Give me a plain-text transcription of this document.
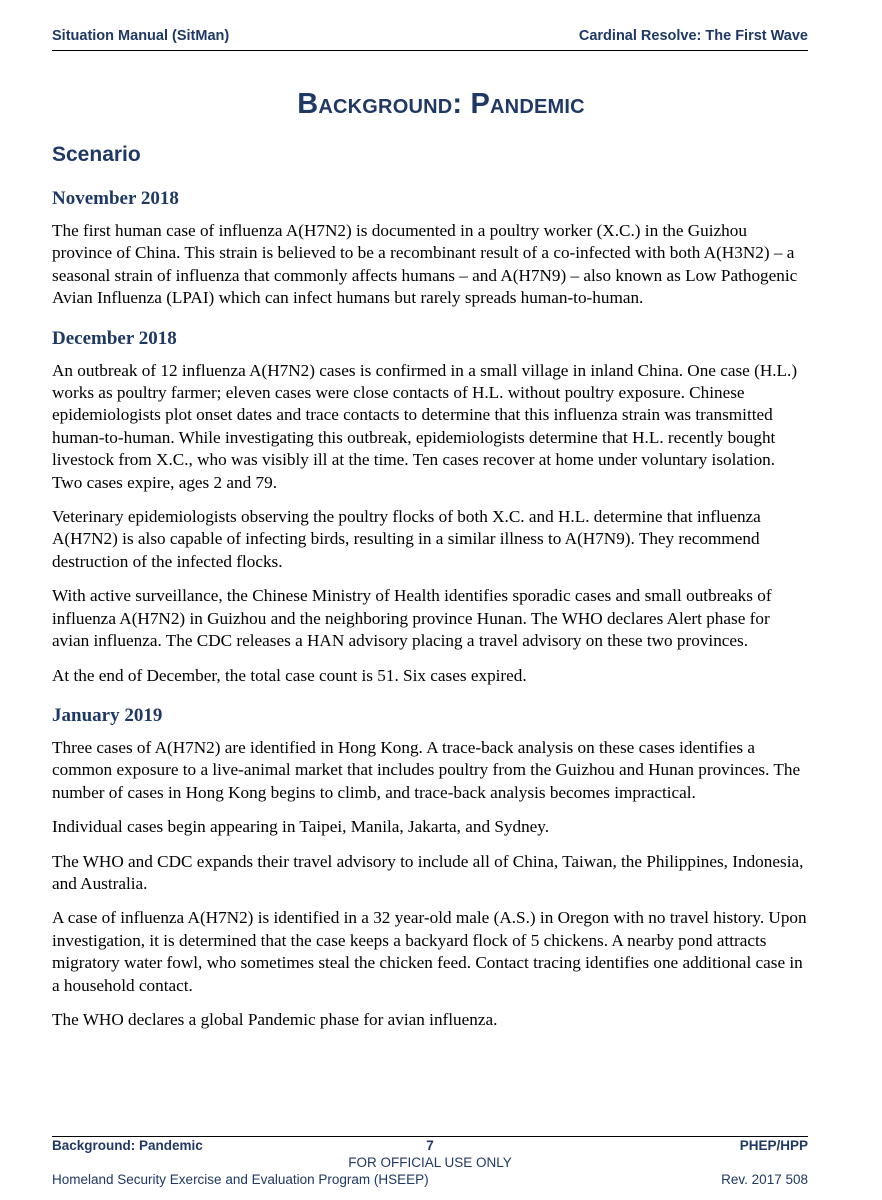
Situation Manual (SitMan)	Cardinal Resolve: The First Wave
Background: Pandemic
Scenario
November 2018

The first human case of influenza A(H7N2) is documented in a poultry worker (X.C.) in the Guizhou province of China. This strain is believed to be a recombinant result of a co-infected with both A(H3N2) – a seasonal strain of influenza that commonly affects humans – and A(H7N9) – also known as Low Pathogenic Avian Influenza (LPAI) which can infect humans but rarely spreads human-to-human.

December 2018

An outbreak of 12 influenza A(H7N2) cases is confirmed in a small village in inland China. One case (H.L.) works as poultry farmer; eleven cases were close contacts of H.L. without poultry exposure. Chinese epidemiologists plot onset dates and trace contacts to determine that this influenza strain was transmitted human-to-human. While investigating this outbreak, epidemiologists determine that H.L. recently bought livestock from X.C., who was visibly ill at the time. Ten cases recover at home under voluntary isolation. Two cases expire, ages 2 and 79.

Veterinary epidemiologists observing the poultry flocks of both X.C. and H.L. determine that influenza A(H7N2) is also capable of infecting birds, resulting in a similar illness to A(H7N9). They recommend destruction of the infected flocks.

With active surveillance, the Chinese Ministry of Health identifies sporadic cases and small outbreaks of influenza A(H7N2) in Guizhou and the neighboring province Hunan. The WHO declares Alert phase for avian influenza. The CDC releases a HAN advisory placing a travel advisory on these two provinces.

At the end of December, the total case count is 51. Six cases expired.

January 2019

Three cases of A(H7N2) are identified in Hong Kong. A trace-back analysis on these cases identifies a common exposure to a live-animal market that includes poultry from the Guizhou and Hunan provinces. The number of cases in Hong Kong begins to climb, and trace-back analysis becomes impractical.

Individual cases begin appearing in Taipei, Manila, Jakarta, and Sydney.

The WHO and CDC expands their travel advisory to include all of China, Taiwan, the Philippines, Indonesia, and Australia.

A case of influenza A(H7N2) is identified in a 32 year-old male (A.S.) in Oregon with no travel history. Upon investigation, it is determined that the case keeps a backyard flock of 5 chickens. A nearby pond attracts migratory water fowl, who sometimes steal the chicken feed. Contact tracing identifies one additional case in a household contact.

The WHO declares a global Pandemic phase for avian influenza.

Background: Pandemic	7	PHEP/HPP
FOR OFFICIAL USE ONLY
Homeland Security Exercise and Evaluation Program (HSEEP)	Rev. 2017 508
